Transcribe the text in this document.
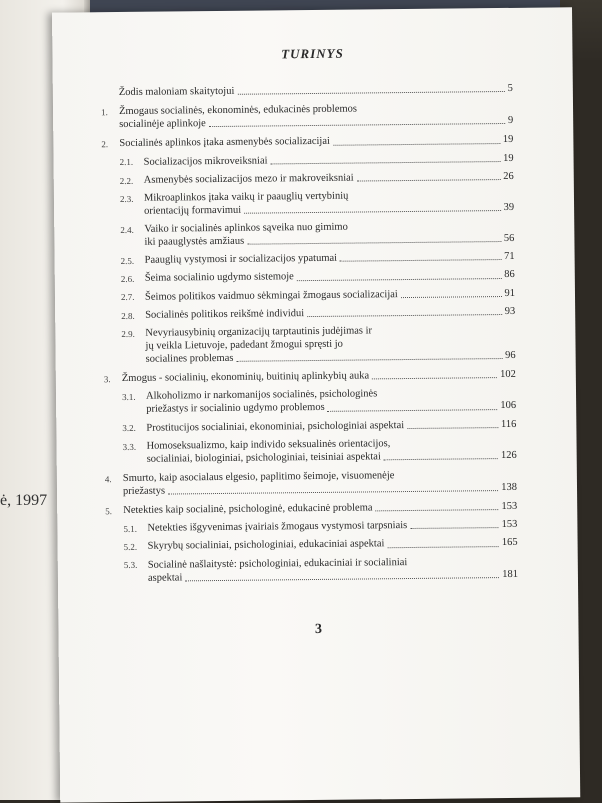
ė, 1997
TURINYS
Žodis maloniam skaitytojui	5
1.	Žmogaus socialinės, ekonominės, edukacinės problemos
socialinėje aplinkoje	9
2.	Socialinės aplinkos įtaka asmenybės socializacijai	19
2.1. Socializacijos mikroveiksniai	19
2.2. Asmenybės socializacijos mezo ir makroveiksniai	26
2.3. Mikroaplinkos įtaka vaikų ir paauglių vertybinių
orientacijų formavimui	39
2.4. Vaiko ir socialinės aplinkos sąveika nuo gimimo
iki paauglystės amžiaus	56
2.5. Paauglių vystymosi ir socializacijos ypatumai	71
2.6. Šeima socialinio ugdymo sistemoje	86
2.7. Šeimos politikos vaidmuo sėkmingai žmogaus socializacijai	91
2.8. Socialinės politikos reikšmė individui	93
2.9. Nevyriausybinių organizacijų tarptautinis judėjimas ir
jų veikla Lietuvoje, padedant žmogui spręsti jo
socialines problemas	96
3.	Žmogus - socialinių, ekonominių, buitinių aplinkybių auka	102
3.1. Alkoholizmo ir narkomanijos socialinės, psichologinės
priežastys ir socialinio ugdymo problemos	106
3.2. Prostitucijos socialiniai, ekonominiai, psichologiniai aspektai	116
3.3. Homoseksualizmo, kaip individo seksualinės orientacijos,
socialiniai, biologiniai, psichologiniai, teisiniai aspektai	126
4.	Smurto, kaip asocialaus elgesio, paplitimo šeimoje, visuomenėje
priežastys	138
5.	Netekties kaip socialinė, psichologinė, edukacinė problema	153
5.1. Netekties išgyvenimas įvairiais žmogaus vystymosi tarpsniais	153
5.2. Skyrybų socialiniai, psichologiniai, edukaciniai aspektai	165
5.3. Socialinė našlaitystė: psichologiniai, edukaciniai ir socialiniai
aspektai	181
3
